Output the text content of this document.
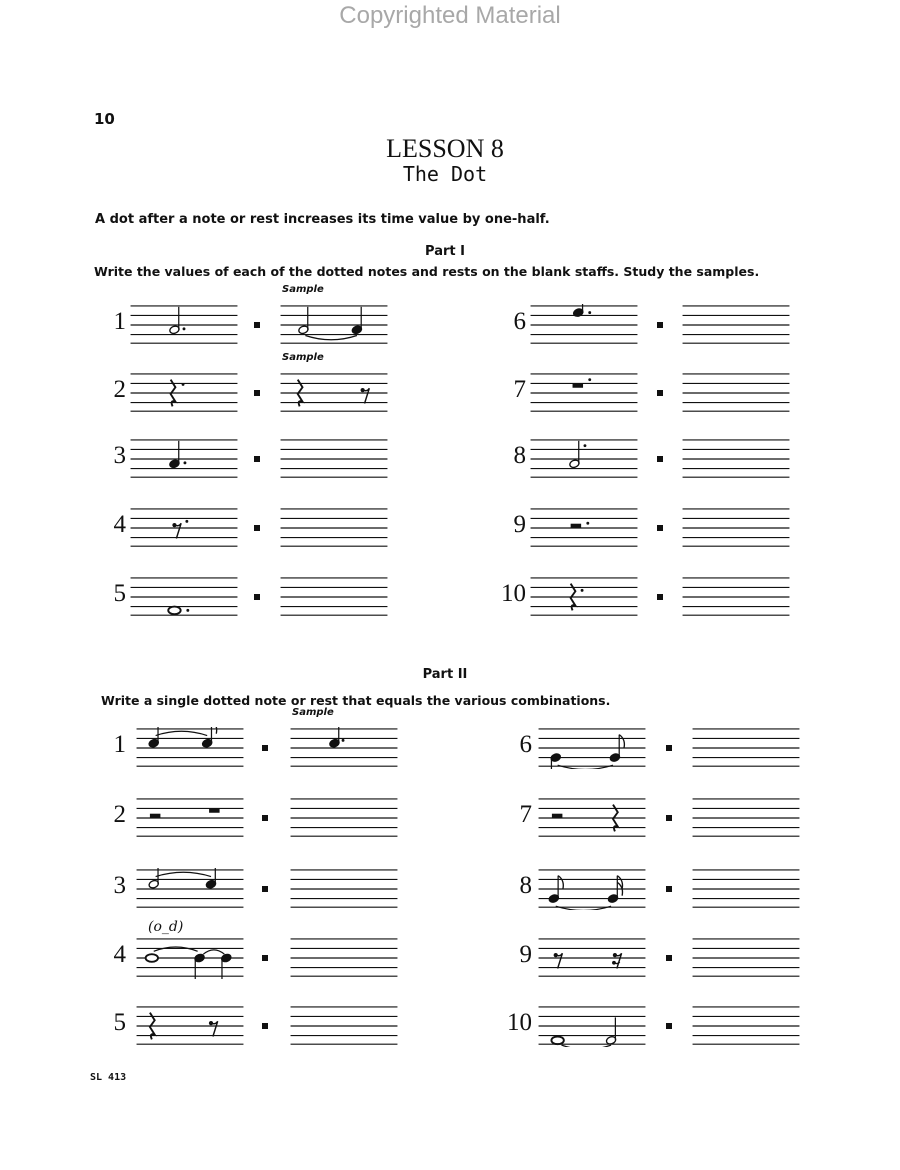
Copyrighted Material
10
LESSON 8
The Dot
A dot after a note or rest increases its time value by one-half.
Part I
Write the values of each of the dotted notes and rests on the blank staffs. Study the samples.
Part II
Write a single dotted note or rest that equals the various combinations.
1
Sample
2
Sample
3
4
5
6
7
8
9
10
1
Sample
2
3
4
(o_d)
5
6
7
8
9
10
SL 413
